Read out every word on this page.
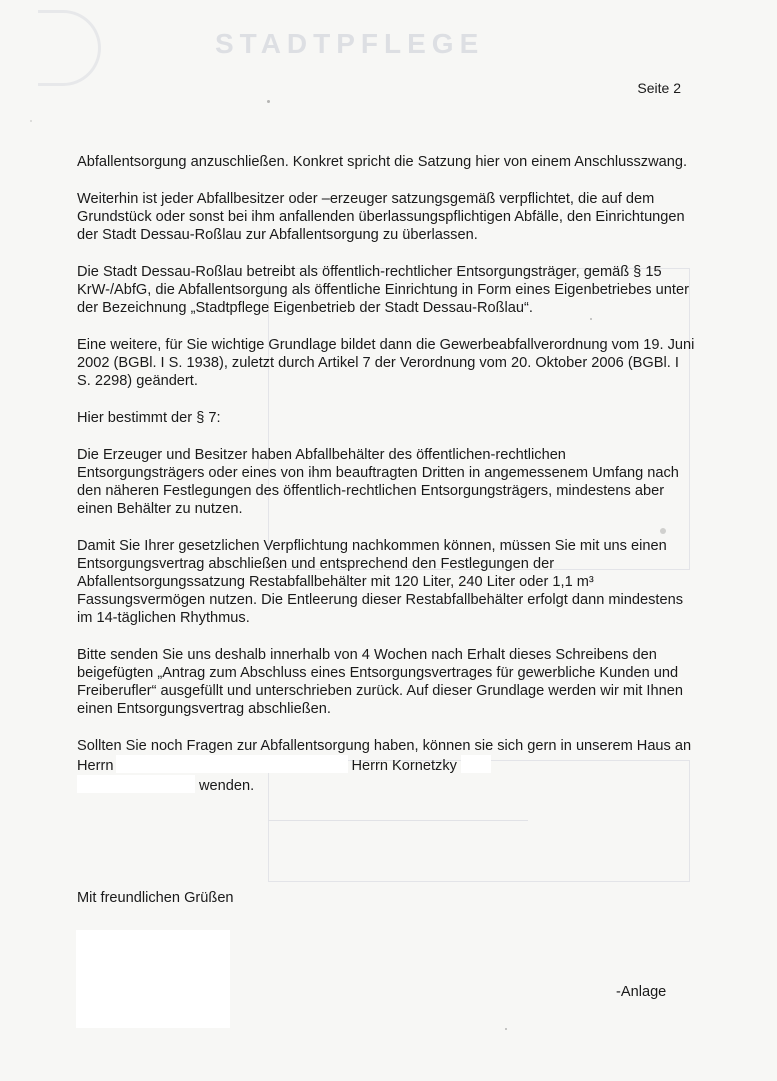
STADTPFLEGE
Seite 2

Abfallentsorgung anzuschließen. Konkret spricht die Satzung hier von einem Anschlusszwang.

Weiterhin ist jeder Abfallbesitzer oder –erzeuger satzungsgemäß verpflichtet, die auf dem Grundstück oder sonst bei ihm anfallenden überlassungspflichtigen Abfälle, den Einrichtungen der Stadt Dessau-Roßlau zur Abfallentsorgung zu überlassen.

Die Stadt Dessau-Roßlau betreibt als öffentlich-rechtlicher Entsorgungsträger, gemäß § 15 KrW-/AbfG, die Abfallentsorgung als öffentliche Einrichtung in Form eines Eigenbetriebes unter der Bezeichnung „Stadtpflege Eigenbetrieb der Stadt Dessau-Roßlau“.

Eine weitere, für Sie wichtige Grundlage bildet dann die Gewerbeabfallverordnung vom 19. Juni 2002 (BGBl. I S. 1938), zuletzt durch Artikel 7 der Verordnung vom 20. Oktober 2006 (BGBl. I S. 2298) geändert.

Hier bestimmt der § 7:

Die Erzeuger und Besitzer haben Abfallbehälter des öffentlichen-rechtlichen Entsorgungsträgers oder eines von ihm beauftragten Dritten in angemessenem Umfang nach den näheren Festlegungen des öffentlich-rechtlichen Entsorgungsträgers, mindestens aber einen Behälter zu nutzen.

Damit Sie Ihrer gesetzlichen Verpflichtung nachkommen können, müssen Sie mit uns einen Entsorgungsvertrag abschließen und entsprechend den Festlegungen der Abfallentsorgungssatzung Restabfallbehälter mit 120 Liter, 240 Liter oder 1,1 m³ Fassungsvermögen nutzen. Die Entleerung dieser Restabfallbehälter erfolgt dann mindestens im 14-täglichen Rhythmus.

Bitte senden Sie uns deshalb innerhalb von 4 Wochen nach Erhalt dieses Schreibens den beigefügten „Antrag zum Abschluss eines Entsorgungsvertrages für gewerbliche Kunden und Freiberufler“ ausgefüllt und unterschrieben zurück. Auf dieser Grundlage werden wir mit Ihnen einen Entsorgungsvertrag abschließen.

Sollten Sie noch Fragen zur Abfallentsorgung haben, können sie sich gern in unserem Haus an Herrn	Herrn Kornetzky
wenden.

Mit freundlichen Grüßen
-Anlage
